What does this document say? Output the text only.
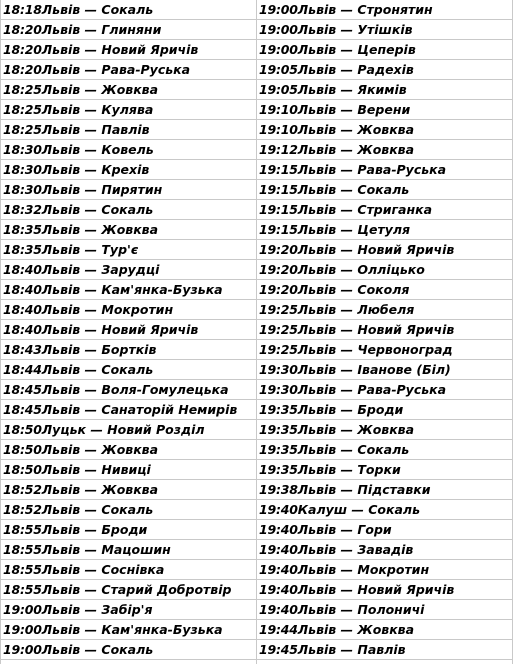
18:18Львів — Сокаль
18:20Львів — Глиняни
18:20Львів — Новий Яричів
18:20Львів — Рава-Руська
18:25Львів — Жовква
18:25Львів — Кулява
18:25Львів — Павлів
18:30Львів — Ковель
18:30Львів — Крехів
18:30Львів — Пирятин
18:32Львів — Сокаль
18:35Львів — Жовква
18:35Львів — Тур'є
18:40Львів — Зарудці
18:40Львів — Кам'янка-Бузька
18:40Львів — Мокротин
18:40Львів — Новий Яричів
18:43Львів — Бортків
18:44Львів — Сокаль
18:45Львів — Воля-Гомулецька
18:45Львів — Санаторій Немирів
18:50Луцьк — Новий Розділ
18:50Львів — Жовква
18:50Львів — Нивиці
18:52Львів — Жовква
18:52Львів — Сокаль
18:55Львів — Броди
18:55Львів — Мацошин
18:55Львів — Соснівка
18:55Львів — Старий Добротвір
19:00Львів — Забір'я
19:00Львів — Кам'янка-Бузька
19:00Львів — Сокаль
19:00Львів — Стронятин
19:00Львів — Утішків
19:00Львів — Цеперів
19:05Львів — Радехів
19:05Львів — Якимів
19:10Львів — Верени
19:10Львів — Жовква
19:12Львів — Жовква
19:15Львів — Рава-Руська
19:15Львів — Сокаль
19:15Львів — Стриганка
19:15Львів — Цетуля
19:20Львів — Новий Яричів
19:20Львів — Олліцько
19:20Львів — Соколя
19:25Львів — Любеля
19:25Львів — Новий Яричів
19:25Львів — Червоноград
19:30Львів — Іванове (Біл)
19:30Львів — Рава-Руська
19:35Львів — Броди
19:35Львів — Жовква
19:35Львів — Сокаль
19:35Львів — Торки
19:38Львів — Підставки
19:40Калуш — Сокаль
19:40Львів — Гори
19:40Львів — Завадів
19:40Львів — Мокротин
19:40Львів — Новий Яричів
19:40Львів — Полоничі
19:44Львів — Жовква
19:45Львів — Павлів
